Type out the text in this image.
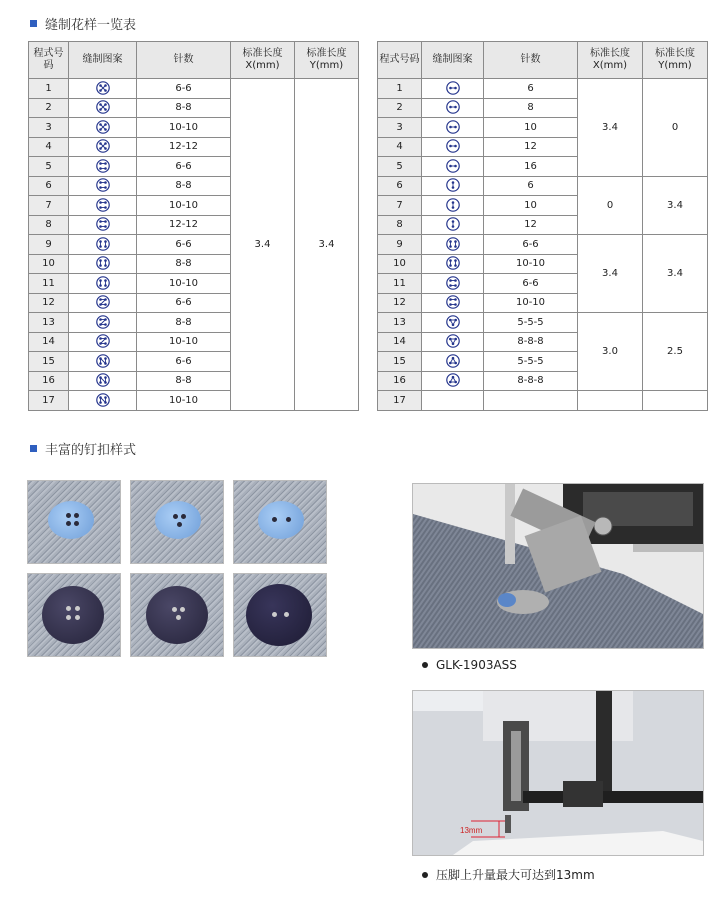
缝制花样一览表
程式号码	缝制图案	针数	标准长度X(mm)	标准长度Y(mm)
1		6-6	3.4	3.4
2		8-8		
3		10-10		
4		12-12		
5		6-6		
6		8-8		
7		10-10		
8		12-12		
9		6-6		
10		8-8		
11		10-10		
12		6-6		
13		8-8		
14		10-10		
15		6-6		
16		8-8		
17		10-10		
程式号码	缝制图案	针数	标准长度X(mm)	标准长度Y(mm)
1		6	3.4	0
2		8		
3		10		
4		12		
5		16		
6		6	0	3.4
7		10		
8		12		
9		6-6	3.4	3.4
10		10-10		
11		6-6		
12		10-10		
13		5-5-5	3.0	2.5
14		8-8-8		
15		5-5-5		
16		8-8-8		
17				
丰富的钉扣样式
GLK-1903ASS
13mm
压脚上升量最大可达到13mm
